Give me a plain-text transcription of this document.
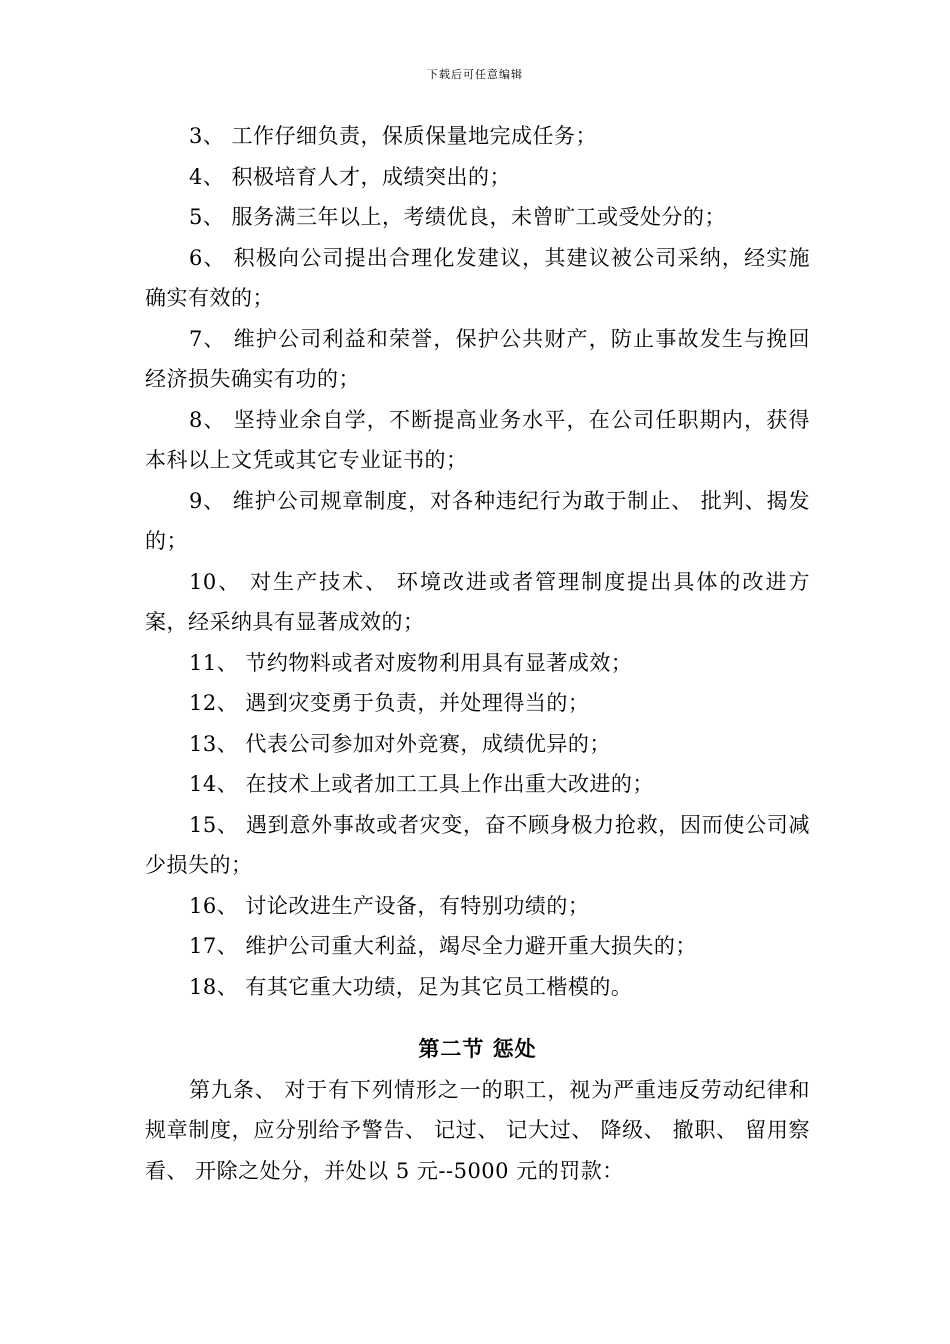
下载后可任意编辑

3、 工作仔细负责，保质保量地完成任务；

4、 积极培育人才，成绩突出的；

5、 服务满三年以上，考绩优良，未曾旷工或受处分的；

6、 积极向公司提出合理化发建议，其建议被公司采纳，经实施确实有效的；

7、 维护公司利益和荣誉，保护公共财产，防止事故发生与挽回经济损失确实有功的；

8、 坚持业余自学，不断提高业务水平，在公司任职期内，获得本科以上文凭或其它专业证书的；

9、 维护公司规章制度，对各种违纪行为敢于制止、 批判、揭发的；

10、 对生产技术、 环境改进或者管理制度提出具体的改进方案，经采纳具有显著成效的；

11、 节约物料或者对废物利用具有显著成效；

12、 遇到灾变勇于负责，并处理得当的；

13、 代表公司参加对外竞赛，成绩优异的；

14、 在技术上或者加工工具上作出重大改进的；

15、 遇到意外事故或者灾变，奋不顾身极力抢救，因而使公司减少损失的；

16、 讨论改进生产设备，有特别功绩的；

17、 维护公司重大利益，竭尽全力避开重大损失的；

18、 有其它重大功绩，足为其它员工楷模的。

第二节 惩处

第九条、 对于有下列情形之一的职工，视为严重违反劳动纪律和规章制度，应分别给予警告、 记过、 记大过、 降级、 撤职、 留用察看、 开除之处分，并处以 5 元--5000 元的罚款：
